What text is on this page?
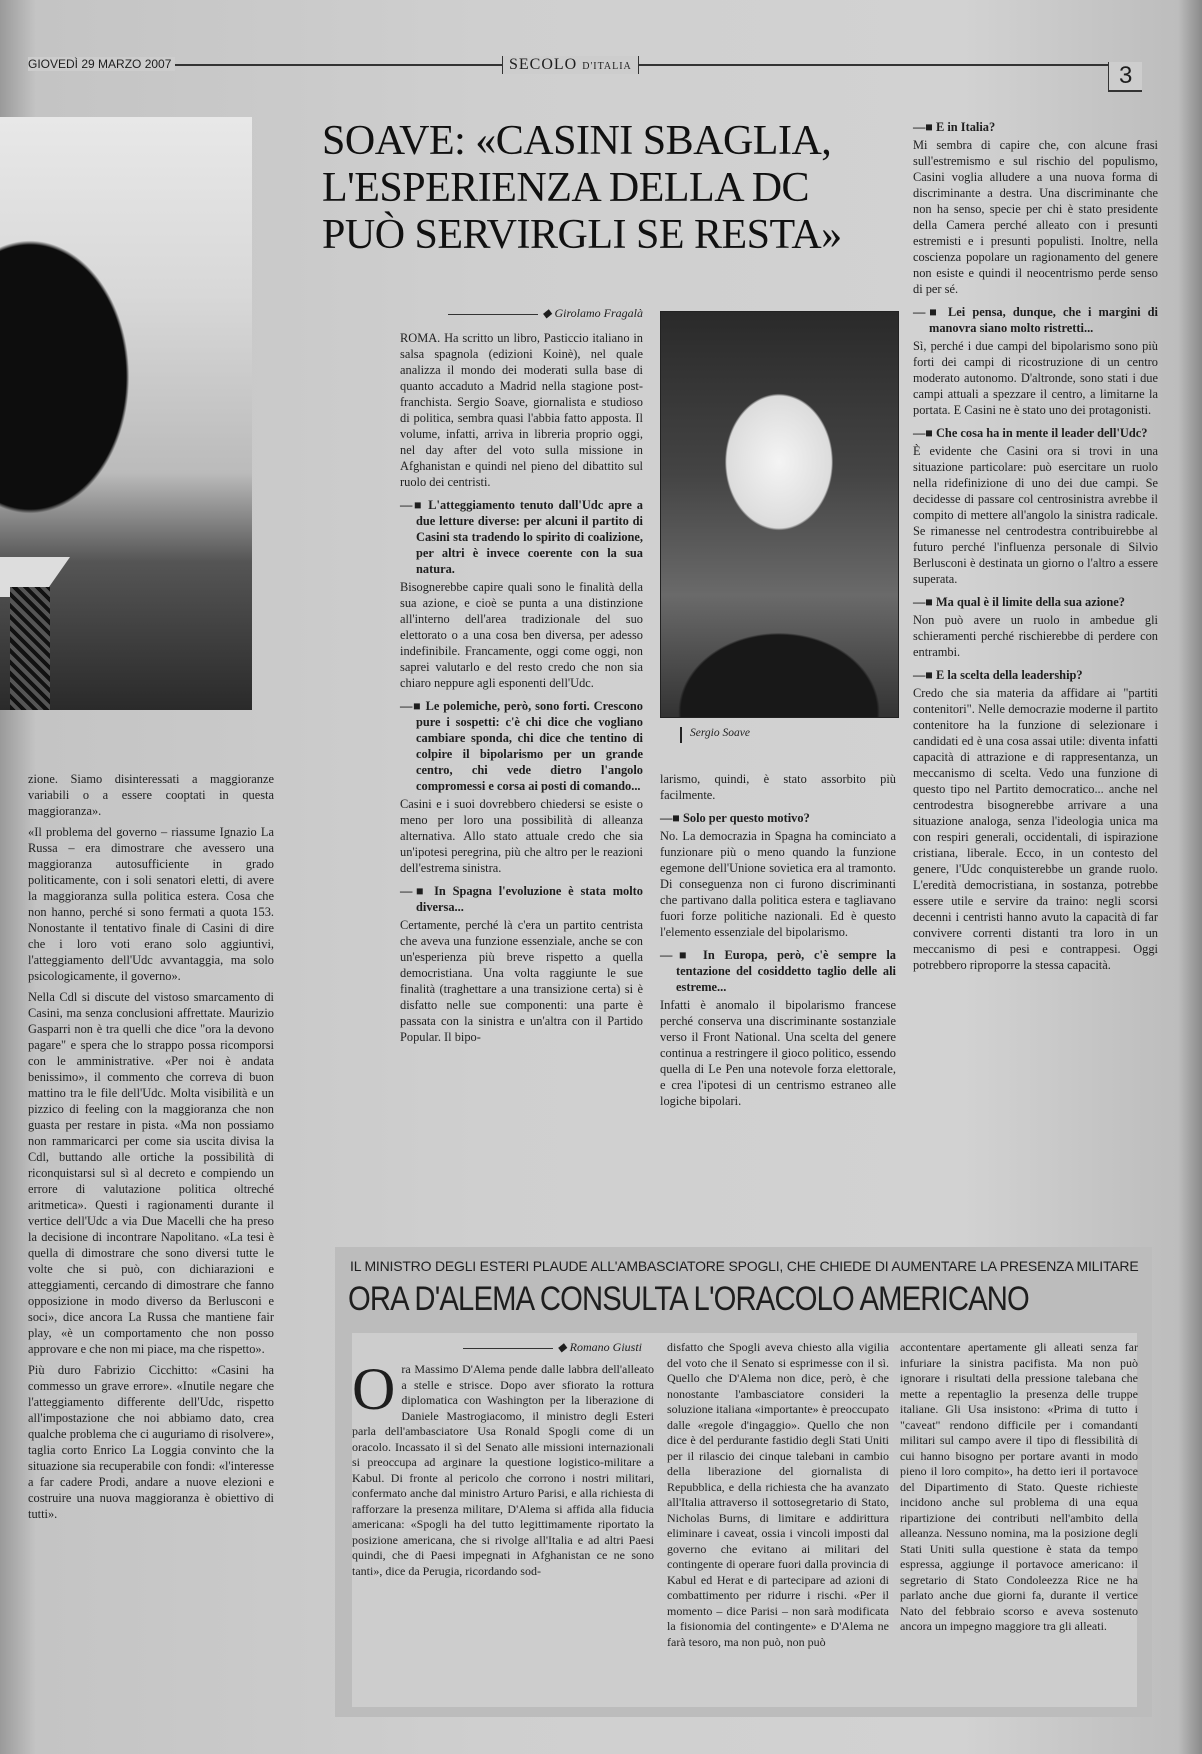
GIOVEDÌ 29 MARZO 2007	SECOLO D'ITALIA	3
SOAVE: «CASINI SBAGLIA,
L'ESPERIENZA DELLA DC
PUÒ SERVIRGLI SE RESTA»
◆ Girolamo Fragalà

ROMA. Ha scritto un libro, Pasticcio italiano in salsa spagnola (edizioni Koinè), nel quale analizza il mondo dei moderati sulla base di quanto accaduto a Madrid nella stagione post-franchista. Sergio Soave, giornalista e studioso di politica, sembra quasi l'abbia fatto apposta. Il volume, infatti, arriva in libreria proprio oggi, nel day after del voto sulla missione in Afghanistan e quindi nel pieno del dibattito sul ruolo dei centristi.

—■ L'atteggiamento tenuto dall'Udc apre a due letture diverse: per alcuni il partito di Casini sta tradendo lo spirito di coalizione, per altri è invece coerente con la sua natura.

Bisognerebbe capire quali sono le finalità della sua azione, e cioè se punta a una distinzione all'interno dell'area tradizionale del suo elettorato o a una cosa ben diversa, per adesso indefinibile. Francamente, oggi come oggi, non saprei valutarlo e del resto credo che non sia chiaro neppure agli esponenti dell'Udc.

—■ Le polemiche, però, sono forti. Crescono pure i sospetti: c'è chi dice che vogliano cambiare sponda, chi dice che tentino di colpire il bipolarismo per un grande centro, chi vede dietro l'angolo compromessi e corsa ai posti di comando...

Casini e i suoi dovrebbero chiedersi se esiste o meno per loro una possibilità di alleanza alternativa. Allo stato attuale credo che sia un'ipotesi peregrina, più che altro per le reazioni dell'estrema sinistra.

—■ In Spagna l'evoluzione è stata molto diversa...

Certamente, perché là c'era un partito centrista che aveva una funzione essenziale, anche se con un'esperienza più breve rispetto a quella democristiana. Una volta raggiunte le sue finalità (traghettare a una transizione certa) si è disfatto nelle sue componenti: una parte è passata con la sinistra e un'altra con il Partido Popular. Il bipo-

Sergio Soave

larismo, quindi, è stato assorbito più facilmente.

—■ Solo per questo motivo?

No. La democrazia in Spagna ha cominciato a funzionare più o meno quando la funzione egemone dell'Unione sovietica era al tramonto. Di conseguenza non ci furono discriminanti che partivano dalla politica estera e tagliavano fuori forze politiche nazionali. Ed è questo l'elemento essenziale del bipolarismo.

—■ In Europa, però, c'è sempre la tentazione del cosiddetto taglio delle ali estreme...

Infatti è anomalo il bipolarismo francese perché conserva una discriminante sostanziale verso il Front National. Una scelta del genere continua a restringere il gioco politico, essendo quella di Le Pen una notevole forza elettorale, e crea l'ipotesi di un centrismo estraneo alle logiche bipolari.

—■ E in Italia?

Mi sembra di capire che, con alcune frasi sull'estremismo e sul rischio del populismo, Casini voglia alludere a una nuova forma di discriminante a destra. Una discriminante che non ha senso, specie per chi è stato presidente della Camera perché alleato con i presunti estremisti e i presunti populisti. Inoltre, nella coscienza popolare un ragionamento del genere non esiste e quindi il neocentrismo perde senso di per sé.

—■ Lei pensa, dunque, che i margini di manovra siano molto ristretti...

Sì, perché i due campi del bipolarismo sono più forti dei campi di ricostruzione di un centro moderato autonomo. D'altronde, sono stati i due campi attuali a spezzare il centro, a limitarne la portata. E Casini ne è stato uno dei protagonisti.

—■ Che cosa ha in mente il leader dell'Udc?

È evidente che Casini ora si trovi in una situazione particolare: può esercitare un ruolo nella ridefinizione di uno dei due campi. Se decidesse di passare col centrosinistra avrebbe il compito di mettere all'angolo la sinistra radicale. Se rimanesse nel centrodestra contribuirebbe al futuro perché l'influenza personale di Silvio Berlusconi è destinata un giorno o l'altro a essere superata.

—■ Ma qual è il limite della sua azione?

Non può avere un ruolo in ambedue gli schieramenti perché rischierebbe di perdere con entrambi.

—■ E la scelta della leadership?

Credo che sia materia da affidare ai "partiti contenitori". Nelle democrazie moderne il partito contenitore ha la funzione di selezionare i candidati ed è una cosa assai utile: diventa infatti capacità di attrazione e di rappresentanza, un meccanismo di scelta. Vedo una funzione di questo tipo nel Partito democratico... anche nel centrodestra bisognerebbe arrivare a una situazione analoga, senza l'ideologia unica ma con respiri generali, occidentali, di ispirazione cristiana, liberale. Ecco, in un contesto del genere, l'Udc conquisterebbe un grande ruolo. L'eredità democristiana, in sostanza, potrebbe essere utile e servire da traino: negli scorsi decenni i centristi hanno avuto la capacità di far convivere correnti distanti tra loro in un meccanismo di pesi e contrappesi. Oggi potrebbero riproporre la stessa capacità.

zione. Siamo disinteressati a maggioranze variabili o a essere cooptati in questa maggioranza».

«Il problema del governo – riassume Ignazio La Russa – era dimostrare che avessero una maggioranza autosufficiente in grado politicamente, con i soli senatori eletti, di avere la maggioranza sulla politica estera. Cosa che non hanno, perché si sono fermati a quota 153. Nonostante il tentativo finale di Casini di dire che i loro voti erano solo aggiuntivi, l'atteggiamento dell'Udc avvantaggia, ma solo psicologicamente, il governo».

Nella Cdl si discute del vistoso smarcamento di Casini, ma senza conclusioni affrettate. Maurizio Gasparri non è tra quelli che dice "ora la devono pagare" e spera che lo strappo possa ricomporsi con le amministrative. «Per noi è andata benissimo», il commento che correva di buon mattino tra le file dell'Udc. Molta visibilità e un pizzico di feeling con la maggioranza che non guasta per restare in pista. «Ma non possiamo non rammaricarci per come sia uscita divisa la Cdl, buttando alle ortiche la possibilità di riconquistarsi sul sì al decreto e compiendo un errore di valutazione politica oltreché aritmetica». Questi i ragionamenti durante il vertice dell'Udc a via Due Macelli che ha preso la decisione di incontrare Napolitano. «La tesi è quella di dimostrare che sono diversi tutte le volte che si può, con dichiarazioni e atteggiamenti, cercando di dimostrare che fanno opposizione in modo diverso da Berlusconi e soci», dice ancora La Russa che mantiene fair play, «è un comportamento che non posso approvare e che non mi piace, ma che rispetto».

Più duro Fabrizio Cicchitto: «Casini ha commesso un grave errore». «Inutile negare che l'atteggiamento differente dell'Udc, rispetto all'impostazione che noi abbiamo dato, crea qualche problema che ci auguriamo di risolvere», taglia corto Enrico La Loggia convinto che la situazione sia recuperabile con fondi: «l'interesse a far cadere Prodi, andare a nuove elezioni e costruire una nuova maggioranza è obiettivo di tutti».

IL MINISTRO DEGLI ESTERI PLAUDE ALL'AMBASCIATORE SPOGLI, CHE CHIEDE DI AUMENTARE LA PRESENZA MILITARE
ORA D'ALEMA CONSULTA L'ORACOLO AMERICANO
◆ Romano Giusti
Ora Massimo D'Alema pende dalle labbra dell'alleato a stelle e strisce. Dopo aver sfiorato la rottura diplomatica con Washington per la liberazione di Daniele Mastrogiacomo, il ministro degli Esteri parla dell'ambasciatore Usa Ronald Spogli come di un oracolo. Incassato il sì del Senato alle missioni internazionali si preoccupa ad arginare la questione logistico-militare a Kabul. Di fronte al pericolo che corrono i nostri militari, confermato anche dal ministro Arturo Parisi, e alla richiesta di rafforzare la presenza militare, D'Alema si affida alla fiducia americana: «Spogli ha del tutto legittimamente riportato la posizione americana, che si rivolge all'Italia e ad altri Paesi quindi, che di Paesi impegnati in Afghanistan ce ne sono tanti», dice da Perugia, ricordando sod-
disfatto che Spogli aveva chiesto alla vigilia del voto che il Senato si esprimesse con il sì. Quello che D'Alema non dice, però, è che nonostante l'ambasciatore consideri la soluzione italiana «importante» è preoccupato dalle «regole d'ingaggio». Quello che non dice è del perdurante fastidio degli Stati Uniti per il rilascio dei cinque talebani in cambio della liberazione del giornalista di Repubblica, e della richiesta che ha avanzato all'Italia attraverso il sottosegretario di Stato, Nicholas Burns, di limitare e addirittura eliminare i caveat, ossia i vincoli imposti dal governo che evitano ai militari del contingente di operare fuori dalla provincia di Kabul ed Herat e di partecipare ad azioni di combattimento per ridurre i rischi. «Per il momento – dice Parisi – non sarà modificata la fisionomia del contingente» e D'Alema ne farà tesoro, ma non può, non può
accontentare apertamente gli alleati senza far infuriare la sinistra pacifista. Ma non può ignorare i risultati della pressione talebana che mette a repentaglio la presenza delle truppe italiane. Gli Usa insistono: «Prima di tutto i "caveat" rendono difficile per i comandanti militari sul campo avere il tipo di flessibilità di cui hanno bisogno per portare avanti in modo pieno il loro compito», ha detto ieri il portavoce del Dipartimento di Stato. Queste richieste incidono anche sul problema di una equa ripartizione dei contributi nell'ambito della alleanza. Nessuno nomina, ma la posizione degli Stati Uniti sulla questione è stata da tempo espressa, aggiunge il portavoce americano: il segretario di Stato Condoleezza Rice ne ha parlato anche due giorni fa, durante il vertice Nato del febbraio scorso e aveva sostenuto ancora un impegno maggiore tra gli alleati.
